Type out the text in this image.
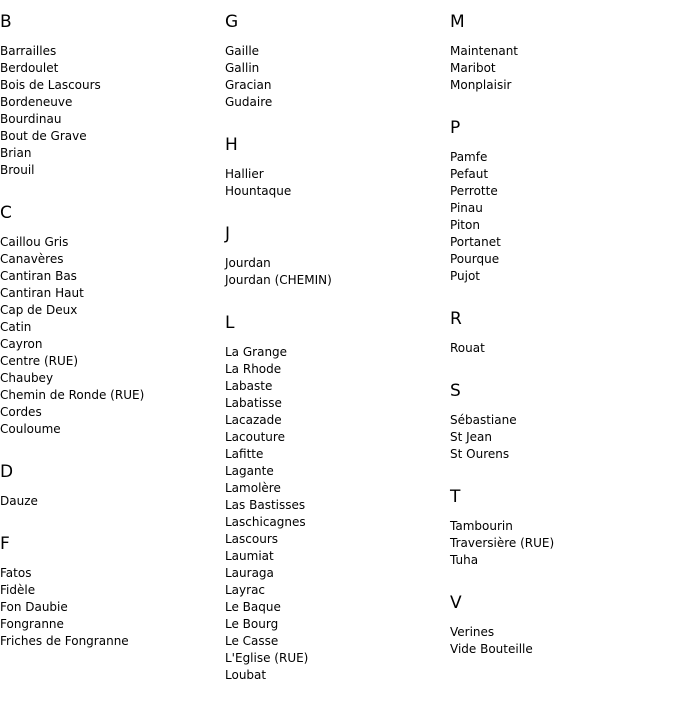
B
Barrailles
Berdoulet
Bois de Lascours
Bordeneuve
Bourdinau
Bout de Grave
Brian
Brouil
C
Caillou Gris
Canavères
Cantiran Bas
Cantiran Haut
Cap de Deux
Catin
Cayron
Centre (RUE)
Chaubey
Chemin de Ronde (RUE)
Cordes
Couloume
D
Dauze
F
Fatos
Fidèle
Fon Daubie
Fongranne
Friches de Fongranne
G
Gaille
Gallin
Gracian
Gudaire
H
Hallier
Hountaque
J
Jourdan
Jourdan (CHEMIN)
L
La Grange
La Rhode
Labaste
Labatisse
Lacazade
Lacouture
Lafitte
Lagante
Lamolère
Las Bastisses
Laschicagnes
Lascours
Laumiat
Lauraga
Layrac
Le Baque
Le Bourg
Le Casse
L'Eglise (RUE)
Loubat
M
Maintenant
Maribot
Monplaisir
P
Pamfe
Pefaut
Perrotte
Pinau
Piton
Portanet
Pourque
Pujot
R
Rouat
S
Sébastiane
St Jean
St Ourens
T
Tambourin
Traversière (RUE)
Tuha
V
Verines
Vide Bouteille
